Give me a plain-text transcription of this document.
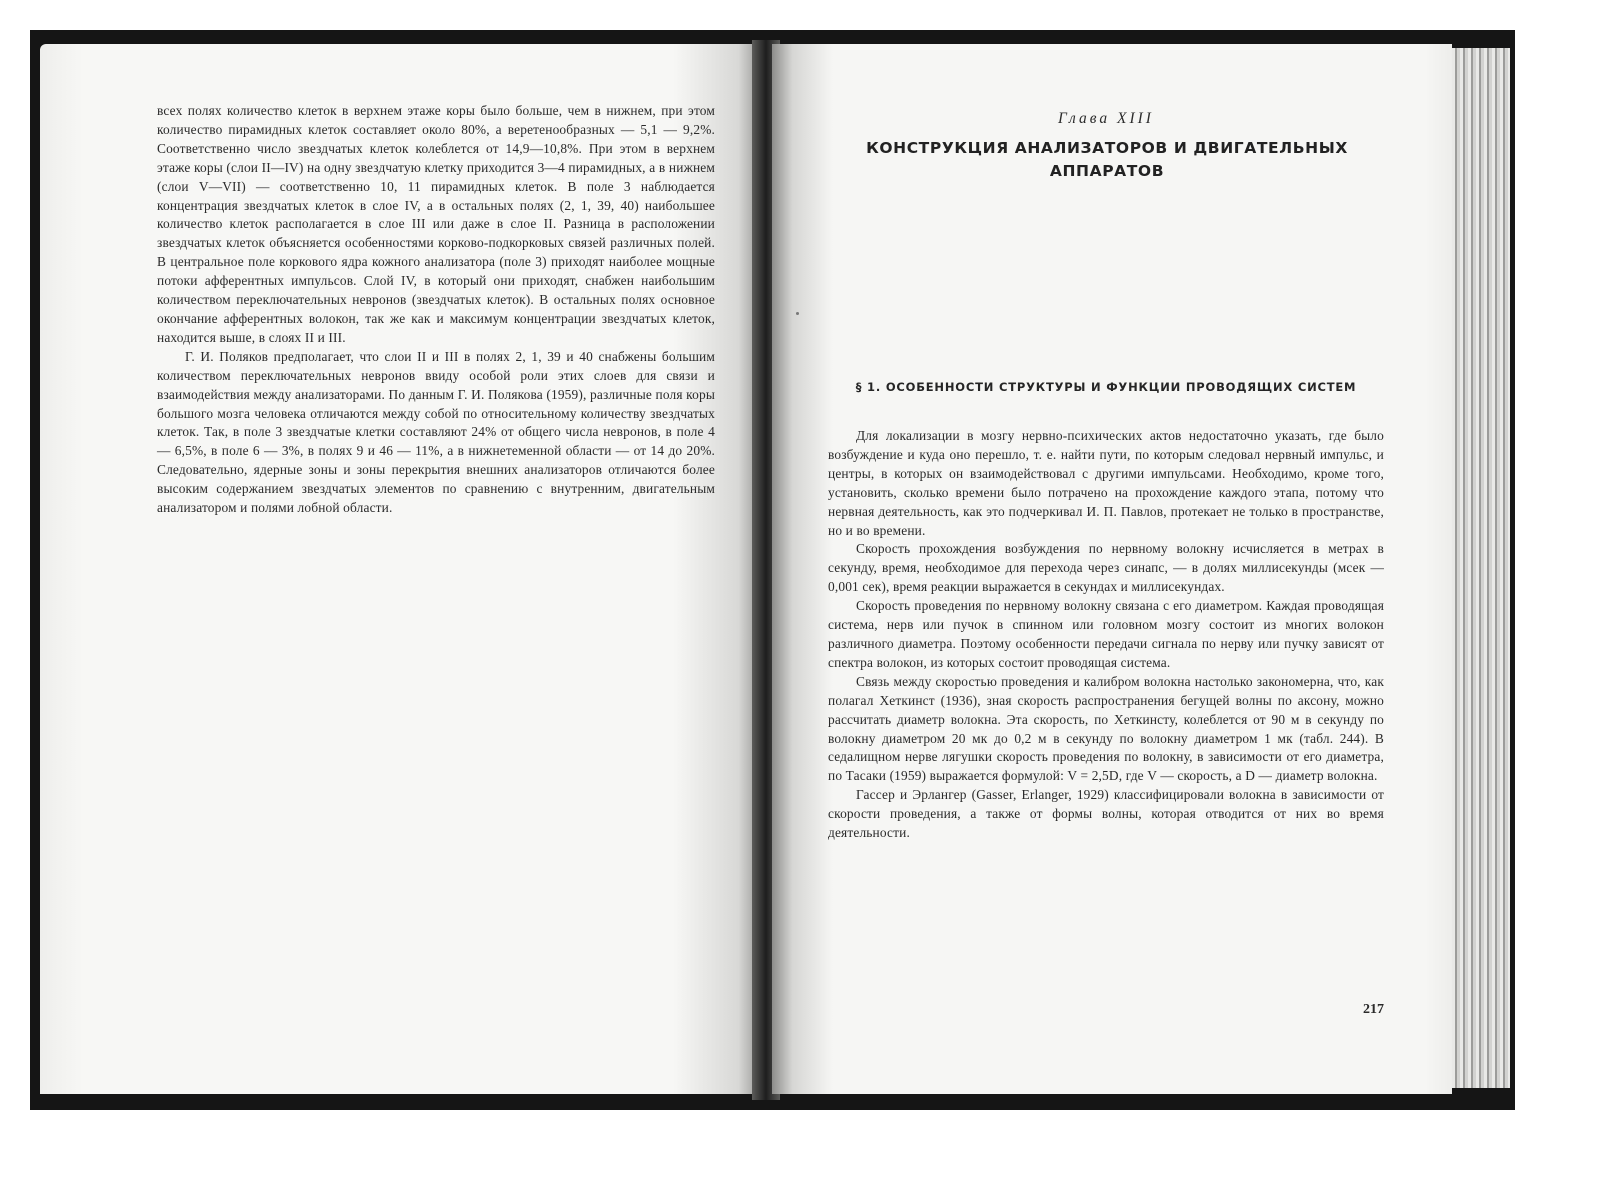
всех полях количество клеток в верхнем этаже коры было больше, чем в нижнем, при этом количество пирамидных клеток составляет около 80%, а веретенообразных — 5,1 — 9,2%. Соответственно число звездчатых клеток колеблется от 14,9—10,8%. При этом в верхнем этаже коры (слои II—IV) на одну звездчатую клетку приходится 3—4 пирамидных, а в нижнем (слои V—VII) — соответственно 10, 11 пирамидных клеток. В поле 3 наблюдается концентрация звездчатых клеток в слое IV, а в остальных полях (2, 1, 39, 40) наибольшее количество клеток располагается в слое III или даже в слое II. Разница в расположении звездчатых клеток объясняется особенностями корково-подкорковых связей различных полей. В центральное поле коркового ядра кожного анализатора (поле 3) приходят наиболее мощные потоки афферентных импульсов. Слой IV, в который они приходят, снабжен наибольшим количеством переключательных невронов (звездчатых клеток). В остальных полях основное окончание афферентных волокон, так же как и максимум концентрации звездчатых клеток, находится выше, в слоях II и III.

Г. И. Поляков предполагает, что слои II и III в полях 2, 1, 39 и 40 снабжены большим количеством переключательных невронов ввиду особой роли этих слоев для связи и взаимодействия между анализаторами. По данным Г. И. Полякова (1959), различные поля коры большого мозга человека отличаются между собой по относительному количеству звездчатых клеток. Так, в поле 3 звездчатые клетки составляют 24% от общего числа невронов, в поле 4 — 6,5%, в поле 6 — 3%, в полях 9 и 46 — 11%, а в нижнетеменной области — от 14 до 20%. Следовательно, ядерные зоны и зоны перекрытия внешних анализаторов отличаются более высоким содержанием звездчатых элементов по сравнению с внутренним, двигательным анализатором и полями лобной области.

Глава XIII
КОНСТРУКЦИЯ АНАЛИЗАТОРОВ И ДВИГАТЕЛЬНЫХ АППАРАТОВ
§ 1. ОСОБЕННОСТИ СТРУКТУРЫ И ФУНКЦИИ ПРОВОДЯЩИХ СИСТЕМ

Для локализации в мозгу нервно-психических актов недостаточно указать, где было возбуждение и куда оно перешло, т. е. найти пути, по которым следовал нервный импульс, и центры, в которых он взаимодействовал с другими импульсами. Необходимо, кроме того, установить, сколько времени было потрачено на прохождение каждого этапа, потому что нервная деятельность, как это подчеркивал И. П. Павлов, протекает не только в пространстве, но и во времени.

Скорость прохождения возбуждения по нервному волокну исчисляется в метрах в секунду, время, необходимое для перехода через синапс, — в долях миллисекунды (мсек — 0,001 сек), время реакции выражается в секундах и миллисекундах.

Скорость проведения по нервному волокну связана с его диаметром. Каждая проводящая система, нерв или пучок в спинном или головном мозгу состоит из многих волокон различного диаметра. Поэтому особенности передачи сигнала по нерву или пучку зависят от спектра волокон, из которых состоит проводящая система.

Связь между скоростью проведения и калибром волокна настолько закономерна, что, как полагал Хеткинст (1936), зная скорость распространения бегущей волны по аксону, можно рассчитать диаметр волокна. Эта скорость, по Хеткинсту, колеблется от 90 м в секунду по волокну диаметром 20 мк до 0,2 м в секунду по волокну диаметром 1 мк (табл. 244). В седалищном нерве лягушки скорость проведения по волокну, в зависимости от его диаметра, по Тасаки (1959) выражается формулой: V = 2,5D, где V — скорость, а D — диаметр волокна.

Гассер и Эрлангер (Gasser, Erlanger, 1929) классифицировали волокна в зависимости от скорости проведения, а также от формы волны, которая отводится от них во время деятельности.

217
